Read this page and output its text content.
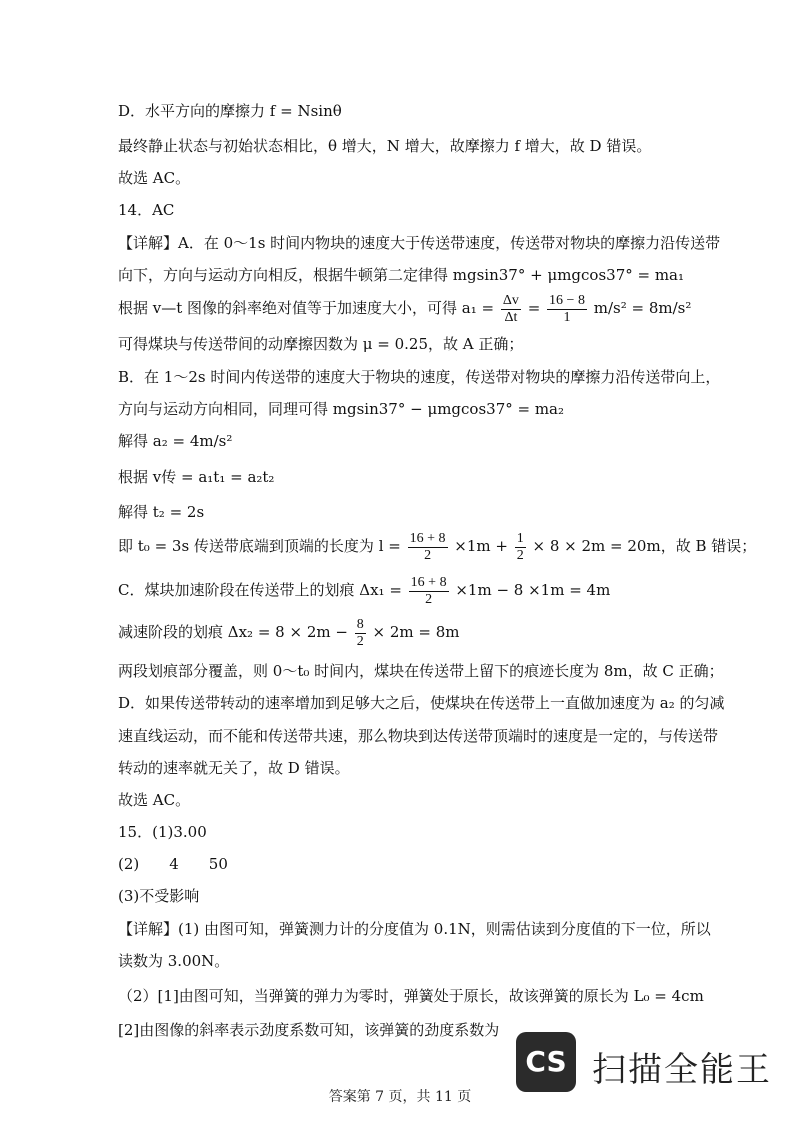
D．水平方向的摩擦力 f = Nsinθ
最终静止状态与初始状态相比，θ 增大，N 增大，故摩擦力 f 增大，故 D 错误。
故选 AC。
14．AC
【详解】A．在 0～1s 时间内物块的速度大于传送带速度，传送带对物块的摩擦力沿传送带
向下，方向与运动方向相反，根据牛顿第二定律得 mgsin37° + μmgcos37° = ma₁
根据 v—t 图像的斜率绝对值等于加速度大小，可得 $a_1 = \frac{\Delta v}{\Delta t} = \frac{16 - 8}{1} m/s^2 = 8m/s^2$
可得煤块与传送带间的动摩擦因数为 μ = 0.25，故 A 正确；
B．在 1～2s 时间内传送带的速度大于物块的速度，传送带对物块的摩擦力沿传送带向上，
方向与运动方向相同，同理可得 mgsin37° − μmgcos37° = ma₂
解得 a₂ = 4m/s²
根据 v传 = a₁t₁ = a₂t₂
解得 t₂ = 2s
即 t₀ = 3s 传送带底端到顶端的长度为 $l = \frac{16 + 8}{2} \times 1m + \frac{1}{2} \times 8 \times 2m = 20m$，故 B 错误；
C．煤块加速阶段在传送带上的划痕 $\Delta x_1 = \frac{16 + 8}{2} \times 1m - 8 \times 1m = 4m$
减速阶段的划痕 $\Delta x_2 = 8 \times 2m - \frac{8}{2} \times 2m = 8m$
两段划痕部分覆盖，则 0～t₀ 时间内，煤块在传送带上留下的痕迹长度为 8m，故 C 正确；
D．如果传送带转动的速率增加到足够大之后，使煤块在传送带上一直做加速度为 a₂ 的匀减
速直线运动，而不能和传送带共速，那么物块到达传送带顶端时的速度是一定的，与传送带
转动的速率就无关了，故 D 错误。
故选 AC。
15．(1)3.00
(2)　　4　　50
(3)不受影响
【详解】(1) 由图可知，弹簧测力计的分度值为 0.1N，则需估读到分度值的下一位，所以
读数为 3.00N。
（2）[1]由图可知，当弹簧的弹力为零时，弹簧处于原长，故该弹簧的原长为 L₀ = 4cm
[2]由图像的斜率表示劲度系数可知，该弹簧的劲度系数为
CS 扫描全能王
答案第 7 页，共 11 页
